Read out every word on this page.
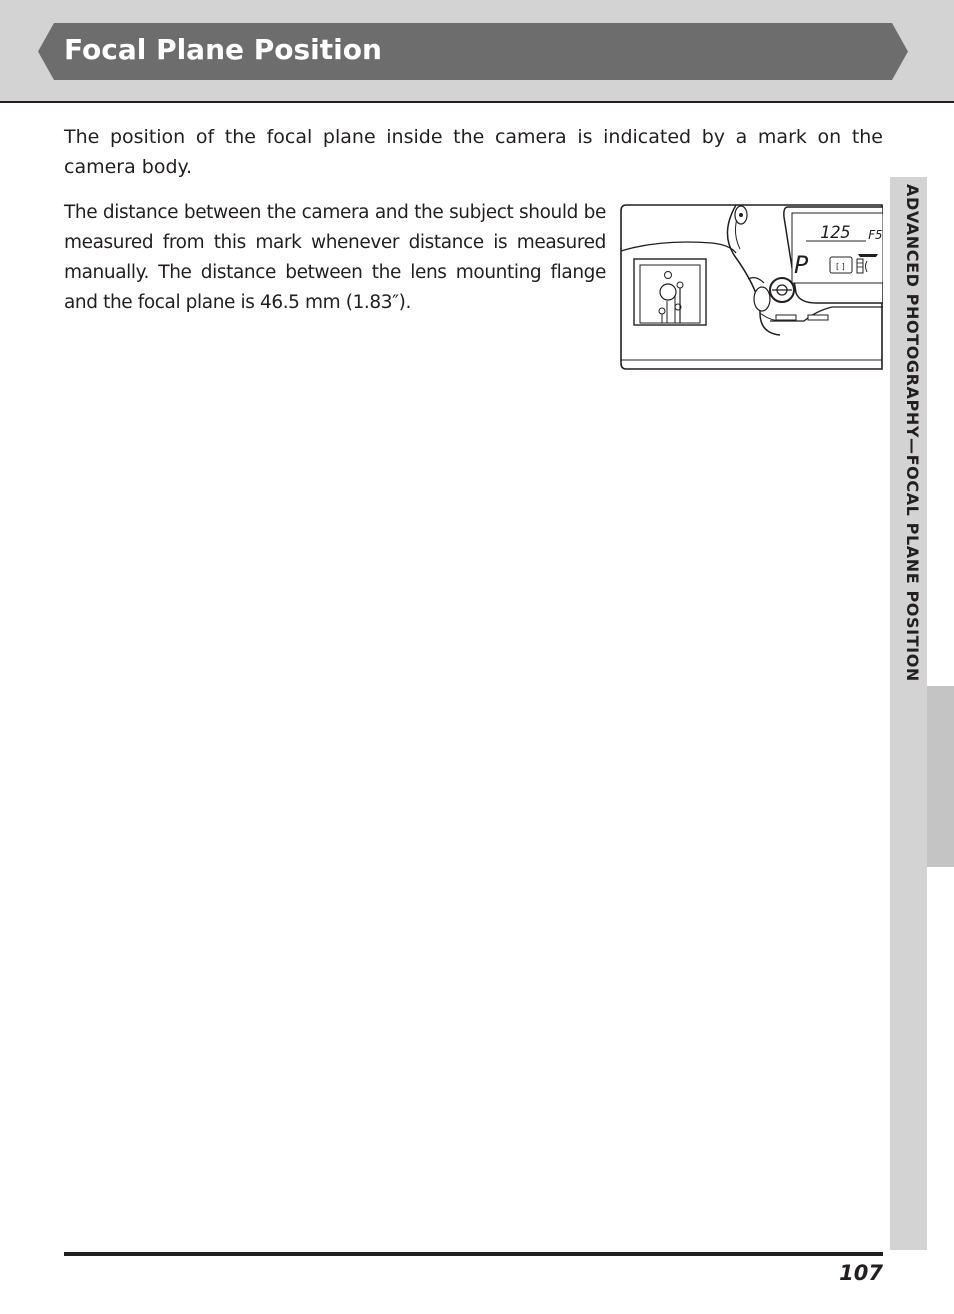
Focal Plane Position

The position of the focal plane inside the camera is indicated by a mark on the camera body.

The distance between the camera and the subject should be measured from this mark whenever distance is measured manually. The distance between the lens mounting flange and the focal plane is 46.5 mm (1.83″).

125 F5
P	[ ]	ADVANCED PHOTOGRAPHY—FOCAL PLANE POSITION

107
